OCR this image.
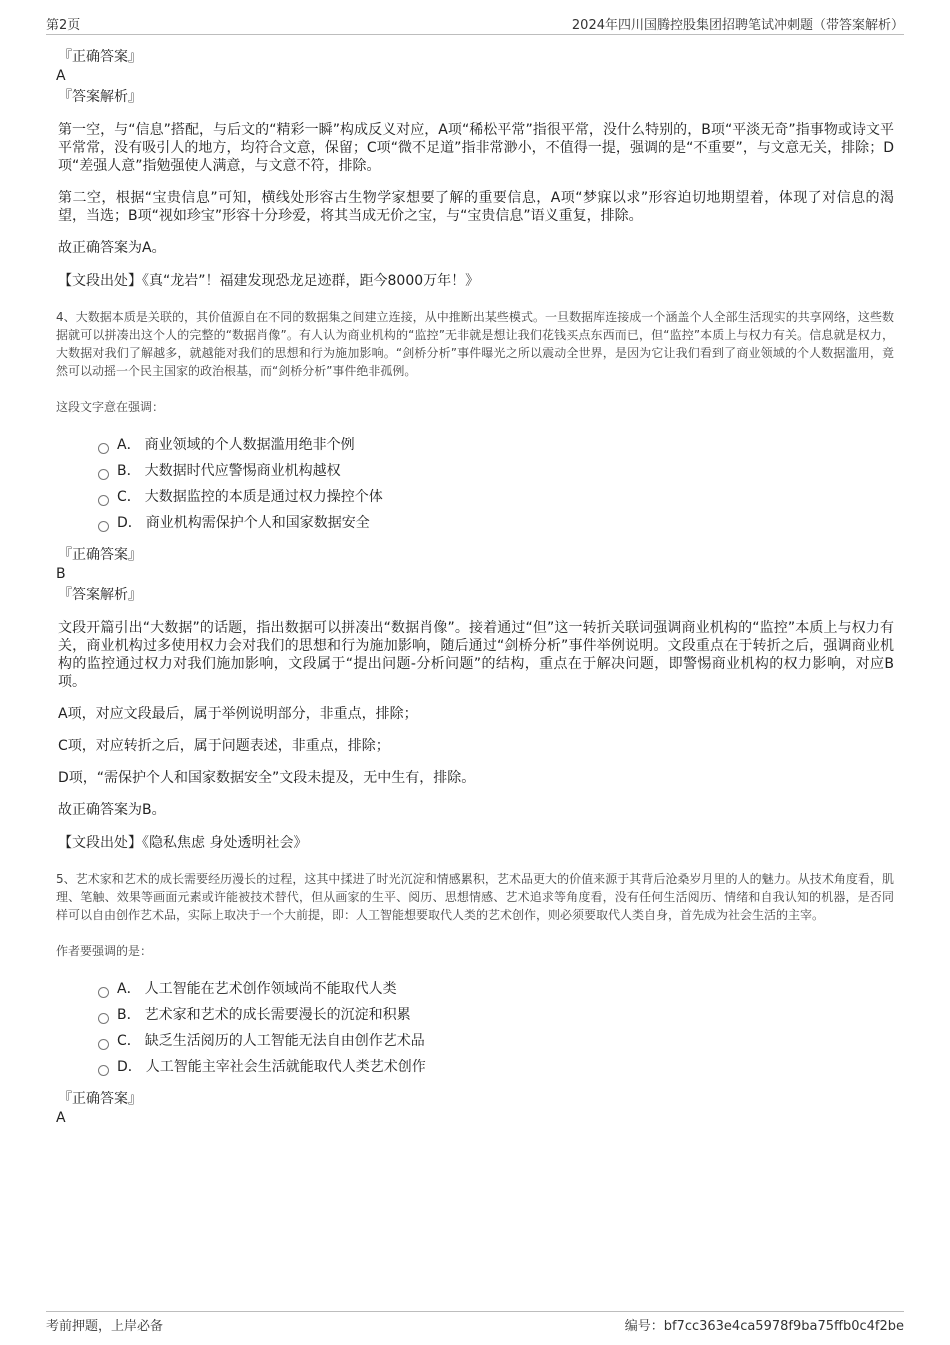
第2页	2024年四川国腾控股集团招聘笔试冲刺题（带答案解析）
『正确答案』
A
『答案解析』
第一空，与“信息”搭配，与后文的“精彩一瞬”构成反义对应，A项“稀松平常”指很平常，没什么特别的，B项“平淡无奇”指事物或诗文平平常常，没有吸引人的地方，均符合文意，保留；C项“微不足道”指非常渺小，不值得一提，强调的是“不重要”，与文意无关，排除；D项“差强人意”指勉强使人满意，与文意不符，排除。
第二空，根据“宝贵信息”可知，横线处形容古生物学家想要了解的重要信息，A项“梦寐以求”形容迫切地期望着，体现了对信息的渴望，当选；B项“视如珍宝”形容十分珍爱，将其当成无价之宝，与“宝贵信息”语义重复，排除。
故正确答案为A。
【文段出处】《真“龙岩”！福建发现恐龙足迹群，距今8000万年！》
4、大数据本质是关联的，其价值源自在不同的数据集之间建立连接，从中推断出某些模式。一旦数据库连接成一个涵盖个人全部生活现实的共享网络，这些数据就可以拼凑出这个人的完整的“数据肖像”。有人认为商业机构的“监控”无非就是想让我们花钱买点东西而已，但“监控”本质上与权力有关。信息就是权力，大数据对我们了解越多，就越能对我们的思想和行为施加影响。“剑桥分析”事件曝光之所以震动全世界，是因为它让我们看到了商业领域的个人数据滥用，竟然可以动摇一个民主国家的政治根基，而“剑桥分析”事件绝非孤例。
这段文字意在强调：
A． 商业领域的个人数据滥用绝非个例
B． 大数据时代应警惕商业机构越权
C． 大数据监控的本质是通过权力操控个体
D． 商业机构需保护个人和国家数据安全
『正确答案』
B
『答案解析』
文段开篇引出“大数据”的话题，指出数据可以拼凑出“数据肖像”。接着通过“但”这一转折关联词强调商业机构的“监控”本质上与权力有关，商业机构过多使用权力会对我们的思想和行为施加影响，随后通过“剑桥分析”事件举例说明。文段重点在于转折之后，强调商业机构的监控通过权力对我们施加影响，文段属于“提出问题-分析问题”的结构，重点在于解决问题，即警惕商业机构的权力影响，对应B项。
A项，对应文段最后，属于举例说明部分，非重点，排除；
C项，对应转折之后，属于问题表述，非重点，排除；
D项，“需保护个人和国家数据安全”文段未提及，无中生有，排除。
故正确答案为B。
【文段出处】《隐私焦虑 身处透明社会》
5、艺术家和艺术的成长需要经历漫长的过程，这其中揉进了时光沉淀和情感累积，艺术品更大的价值来源于其背后沧桑岁月里的人的魅力。从技术角度看，肌理、笔触、效果等画面元素或许能被技术替代，但从画家的生平、阅历、思想情感、艺术追求等角度看，没有任何生活阅历、情绪和自我认知的机器，是否同样可以自由创作艺术品，实际上取决于一个大前提，即：人工智能想要取代人类的艺术创作，则必须要取代人类自身，首先成为社会生活的主宰。
作者要强调的是：
A． 人工智能在艺术创作领域尚不能取代人类
B． 艺术家和艺术的成长需要漫长的沉淀和积累
C． 缺乏生活阅历的人工智能无法自由创作艺术品
D． 人工智能主宰社会生活就能取代人类艺术创作
『正确答案』
A
考前押题，上岸必备	编号：bf7cc363e4ca5978f9ba75ffb0c4f2be
